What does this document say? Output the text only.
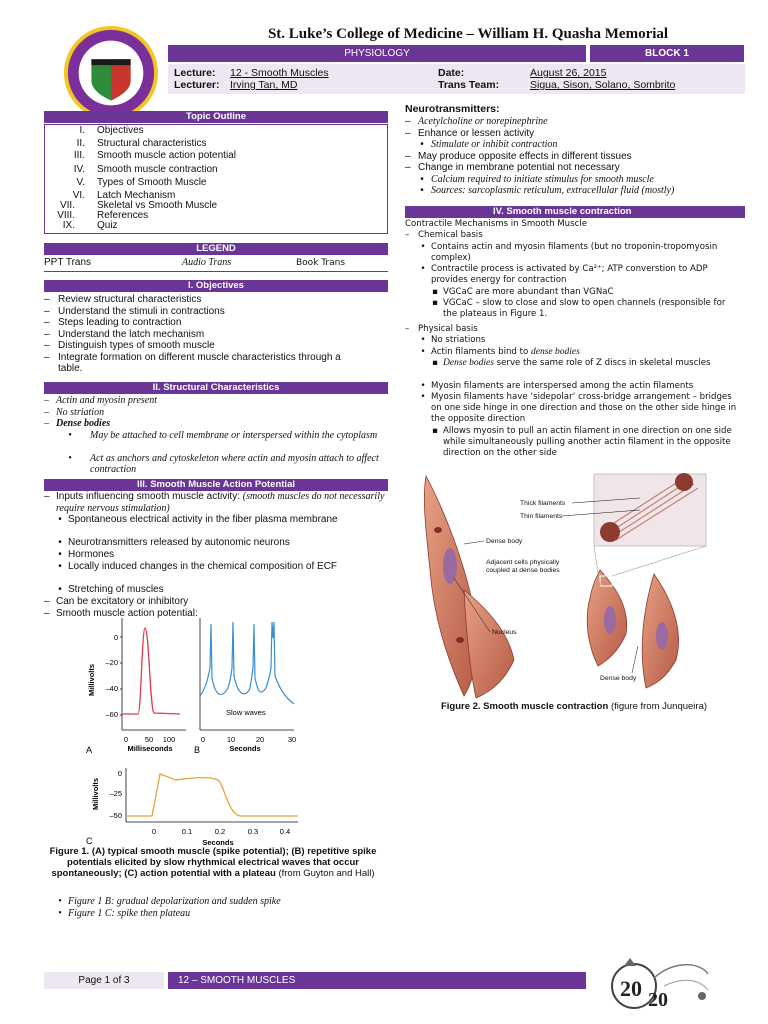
St. Luke’s College of Medicine – William H. Quasha Memorial
PHYSIOLOGY	BLOCK 1
Lecture: 12 - Smooth Muscles
Lecturer: Irving Tan, MD
Date:	August 26, 2015
Trans Team:	Sigua, Sison, Solano, Sombrito
Topic Outline
I. Objectives
II. Structural characteristics
III. Smooth muscle action potential
IV. Smooth muscle contraction
V. Types of Smooth Muscle
VI. Latch Mechanism
VII. Skeletal vs Smooth Muscle
VIII. References
IX. Quiz
LEGEND
PPT Trans	Audio Trans	Book Trans
I. Objectives
– Review structural characteristics
– Understand the stimuli in contractions
– Steps leading to contraction
– Understand the latch mechanism
– Distinguish types of smooth muscle
– Integrate formation on different muscle characteristics through a table.
II. Structural Characteristics
– Actin and myosin present
– No striation
– Dense bodies
• May be attached to cell membrane or interspersed within the cytoplasm
• Act as anchors and cytoskeleton where actin and myosin attach to affect contraction
III. Smooth Muscle Action Potential
– Inputs influencing smooth muscle activity: (smooth muscles do not necessarily require nervous stimulation)
• Spontaneous electrical activity in the fiber plasma membrane
• Neurotransmitters released by autonomic neurons
• Hormones
• Locally induced changes in the chemical composition of ECF
• Stretching of muscles
– Can be excitatory or inhibitory
– Smooth muscle action potential:
0
–20
–40
–60
Millivolts
0 50 100
Milliseconds
A
Slow waves
0	10	20	30
Seconds
B
0
–25
–50
Millivolts
0	0.1	0.2	0.3	0.4
Seconds
C
Figure 1. (A) typical smooth muscle (spike potential); (B) repetitive spike potentials elicited by slow rhythmical electrical waves that occur spontaneously; (C) action potential with a plateau (from Guyton and Hall)
• Figure 1 B: gradual depolarization and sudden spike
• Figure 1 C: spike then plateau
Neurotransmitters:
– Acetylcholine or norepinephrine
– Enhance or lessen activity
• Stimulate or inhibit contraction
– May produce opposite effects in different tissues
– Change in membrane potential not necessary
• Calcium required to initiate stimulus for smooth muscle
• Sources: sarcoplasmic reticulum, extracellular fluid (mostly)
IV. Smooth muscle contraction
Contractile Mechanisms in Smooth Muscle
–	Chemical basis
• Contains actin and myosin filaments (but no troponin-tropomyosin complex)
• Contractile process is activated by Ca²⁺; ATP converstion to ADP provides energy for contraction
▪ VGCaC are more abundant than VGNaC
▪ VGCaC – slow to close and slow to open channels (responsible for the plateaus in Figure 1.
–	Physical basis
• No striations
• Actin filaments bind to dense bodies
▪ Dense bodies serve the same role of Z discs in skeletal muscles
• Myosin filaments are interspersed among the actin filaments
• Myosin filaments have ‘sidepolar’ cross-bridge arrangement – bridges on one side hinge in one direction and those on the other side hinge in the opposite direction
▪ Allows myosin to pull an actin filament in one direction on one side while simultaneously pulling another actin filament in the opposite direction on the other side
Thick filaments
Thin filaments
Dense body
Adjacent cells physically coupled at dense bodies
Nucleus
Dense body
Figure 2. Smooth muscle contraction (figure from Junqueira)
Page 1 of 3	12 – SMOOTH MUSCLES	20 20
